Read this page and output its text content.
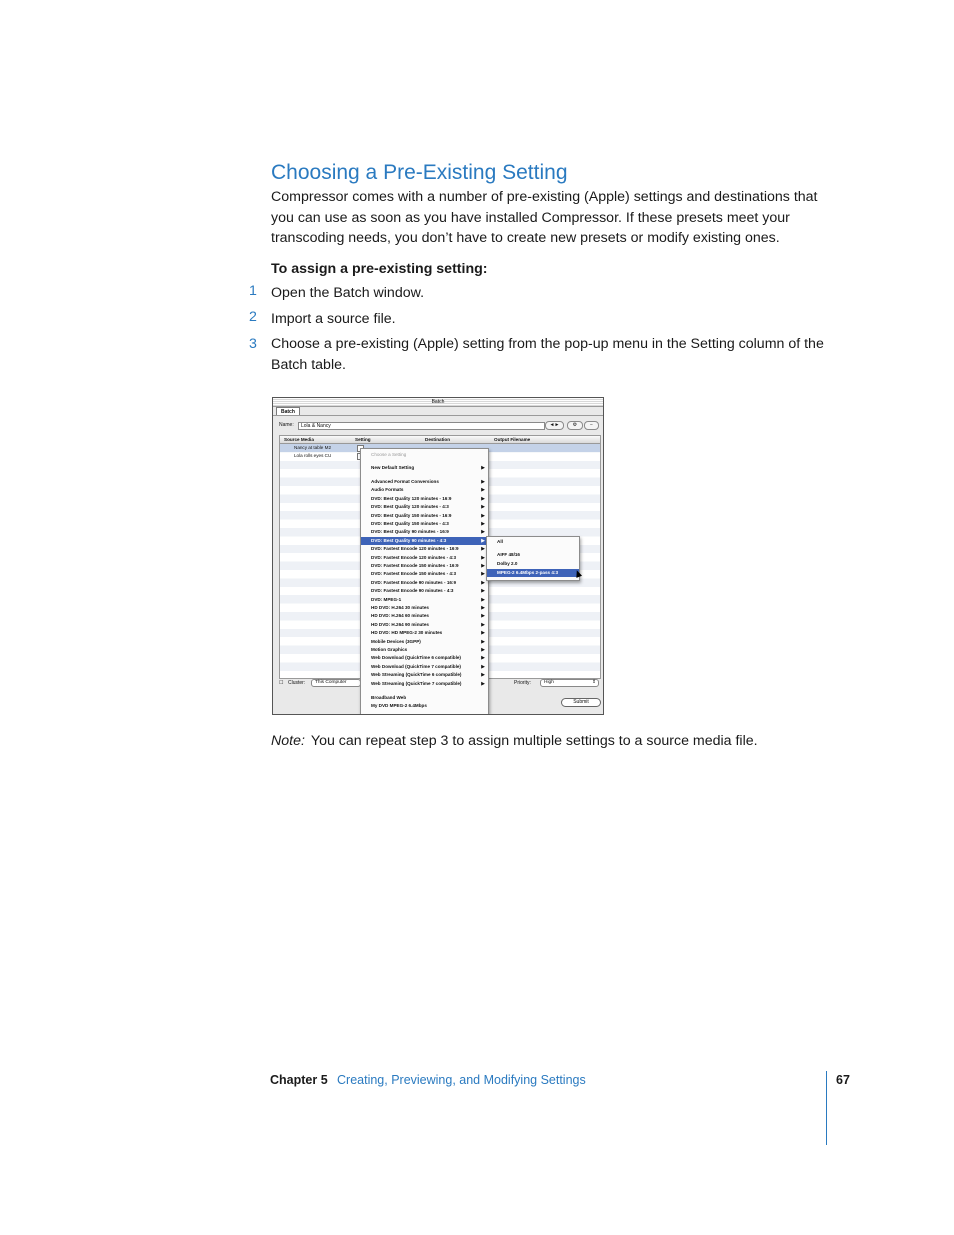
Choosing a Pre-Existing Setting
Compressor comes with a number of pre-existing (Apple) settings and destinations that you can use as soon as you have installed Compressor. If these presets meet your transcoding needs, you don’t have to create new presets or modify existing ones.
To assign a pre-existing setting:
1 Open the Batch window.
2 Import a source file.
3 Choose a pre-existing (Apple) setting from the pop-up menu in the Setting column of the Batch table.
Batch
Batch
Name:	Lola & Nancy	◄►	⚙	−
Source Media	Setting	Destination	Output Filename
Nancy at table M2
Lola rolls eyes CU
☐ Cluster: This Computer	Priority:	High	⇕
Submit
Choose a Setting
New Default Setting	▶
Advanced Format Conversions	▶
Audio Formats	▶
DVD: Best Quality 120 minutes - 16:9	▶
DVD: Best Quality 120 minutes - 4:3	▶
DVD: Best Quality 150 minutes - 16:9	▶
DVD: Best Quality 150 minutes - 4:3	▶
DVD: Best Quality 90 minutes - 16:9	▶
DVD: Best Quality 90 minutes - 4:3	▶
DVD: Fastest Encode 120 minutes - 16:9	▶
DVD: Fastest Encode 120 minutes - 4:3	▶
DVD: Fastest Encode 150 minutes - 16:9	▶
DVD: Fastest Encode 150 minutes - 4:3	▶
DVD: Fastest Encode 90 minutes - 16:9	▶
DVD: Fastest Encode 90 minutes - 4:3	▶
DVD: MPEG-1	▶
HD DVD: H.264 30 minutes	▶
HD DVD: H.264 60 minutes	▶
HD DVD: H.264 90 minutes	▶
HD DVD: HD MPEG-2 30 minutes	▶
Mobile Devices (3GPP)	▶
Motion Graphics	▶
Web Download (QuickTime 6 compatible)	▶
Web Download (QuickTime 7 compatible)	▶
Web Streaming (QuickTime 6 compatible)	▶
Web Streaming (QuickTime 7 compatible)	▶
Broadband Web
My DVD MPEG-2 6.4Mbps
All
AIFF 48/16
Dolby 2.0
MPEG-2 6.4Mbps 2-pass 4:3
Note: You can repeat step 3 to assign multiple settings to a source media file.
Chapter 5 Creating, Previewing, and Modifying Settings	67
